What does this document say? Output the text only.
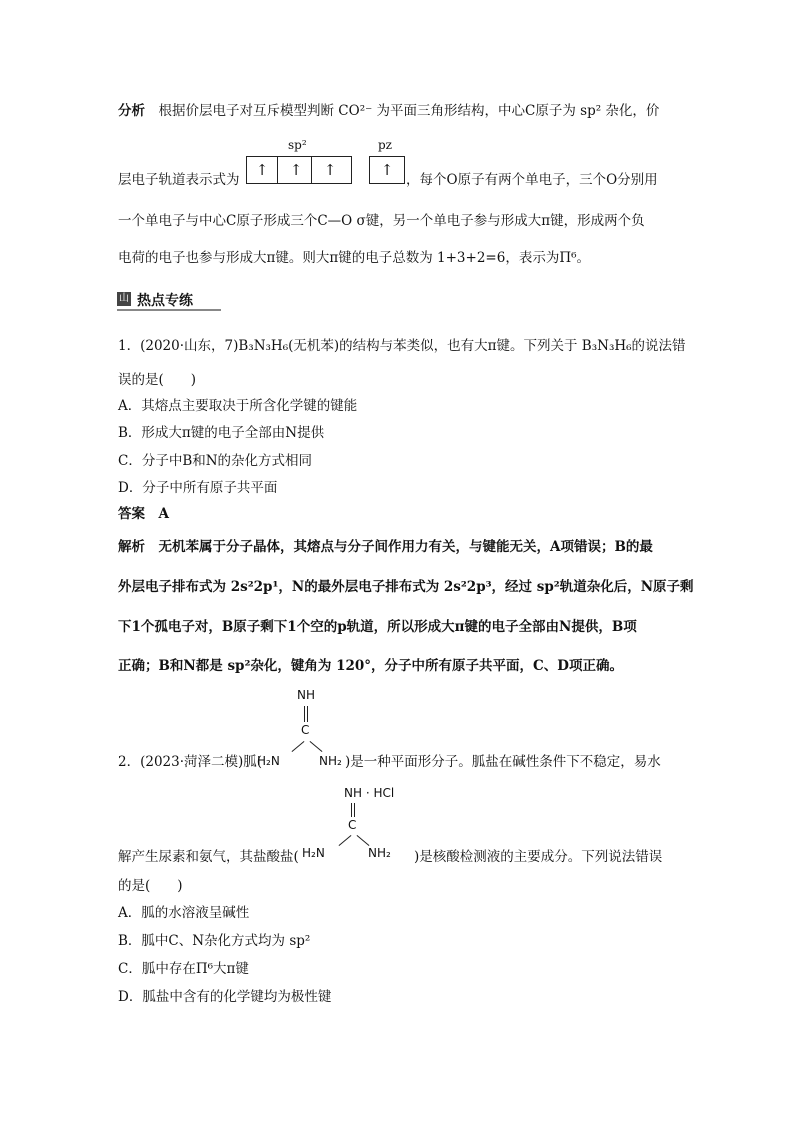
分析　 根据价层电子对互斥模型判断 CO²⁻ 为平面三角形结构，中心C原子为 sp² 杂化，价
sp²	pz
层电子轨道表示式为
↑	↑	↑	↑
，每个O原子有两个单电子，三个O分别用
一个单电子与中心C原子形成三个C—O σ键，另一个单电子参与形成大π键，形成两个负
电荷的电子也参与形成大π键。则大π键的电子总数为 1+3+2=6，表示为Π⁶。
山 热点专练
1．(2020·山东，7)B₃N₃H₆(无机苯)的结构与苯类似，也有大π键。下列关于 B₃N₃H₆的说法错
误的是(　　)
A．其熔点主要取决于所含化学键的键能
B．形成大π键的电子全部由N提供
C．分子中B和N的杂化方式相同
D．分子中所有原子共平面
答案　A
解析　无机苯属于分子晶体，其熔点与分子间作用力有关，与键能无关，A项错误；B的最
外层电子排布式为 2s²2p¹，N的最外层电子排布式为 2s²2p³，经过 sp²轨道杂化后，N原子剩
下1个孤电子对，B原子剩下1个空的p轨道，所以形成大π键的电子全部由N提供，B项
正确；B和N都是 sp²杂化，键角为 120°，分子中所有原子共平面，C、D项正确。
2．(2023·菏泽二模)胍(
NH
C
H₂N	NH₂ )是一种平面形分子。胍盐在碱性条件下不稳定，易水
NH · HCl
C
H₂N	NH₂
解产生尿素和氨气，其盐酸盐(	)是核酸检测液的主要成分。下列说法错误
的是(　　)
A．胍的水溶液呈碱性
B．胍中C、N杂化方式均为 sp²
C．胍中存在Π⁶大π键
D．胍盐中含有的化学键均为极性键
